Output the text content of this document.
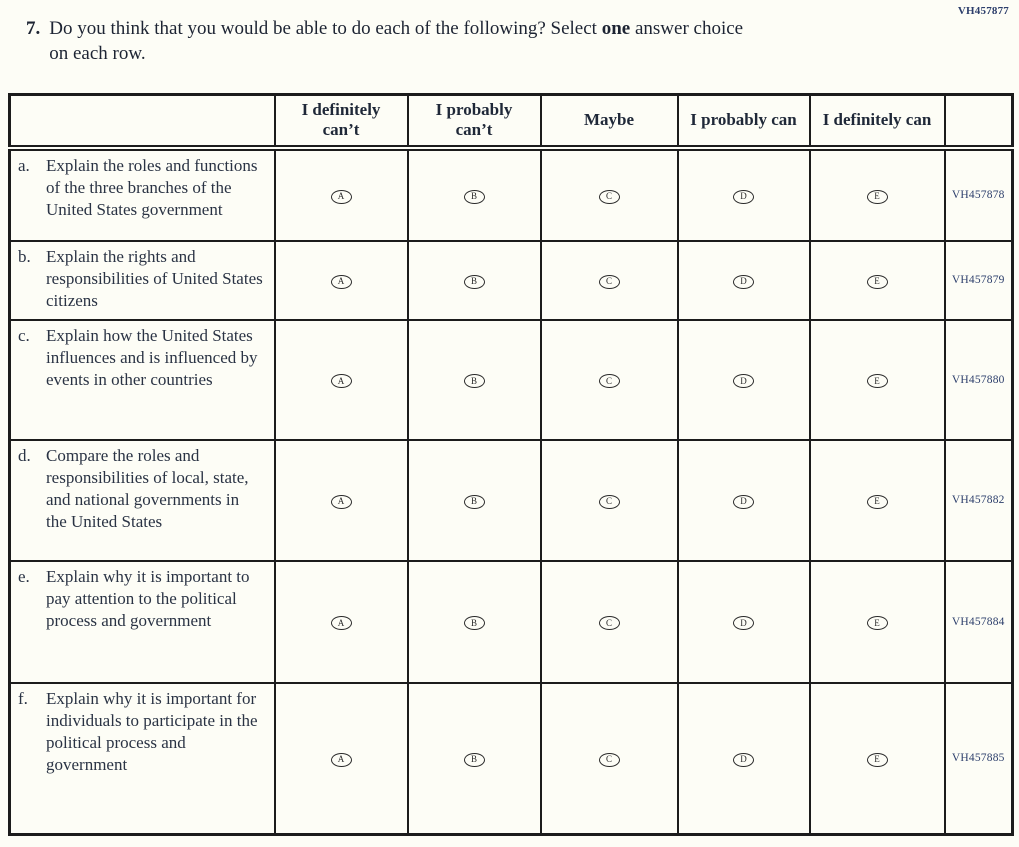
VH457877
7. Do you think that you would be able to do each of the following? Select one answer choice on each row.
	I definitely can’t	I probably can’t	Maybe	I probably can	I definitely can	

a. Explain the roles and functions of the three branches of the United States government	A	B	C	D	E	VH457878

b. Explain the rights and responsibilities of United States citizens	A	B	C	D	E	VH457879

c. Explain how the United States influences and is influenced by events in other countries	A	B	C	D	E	VH457880

d. Compare the roles and responsibilities of local, state, and national governments in the United States	A	B	C	D	E	VH457882

e. Explain why it is important to pay attention to the political process and government	A	B	C	D	E	VH457884

f. Explain why it is important for individuals to participate in the political process and government	A	B	C	D	E	VH457885
